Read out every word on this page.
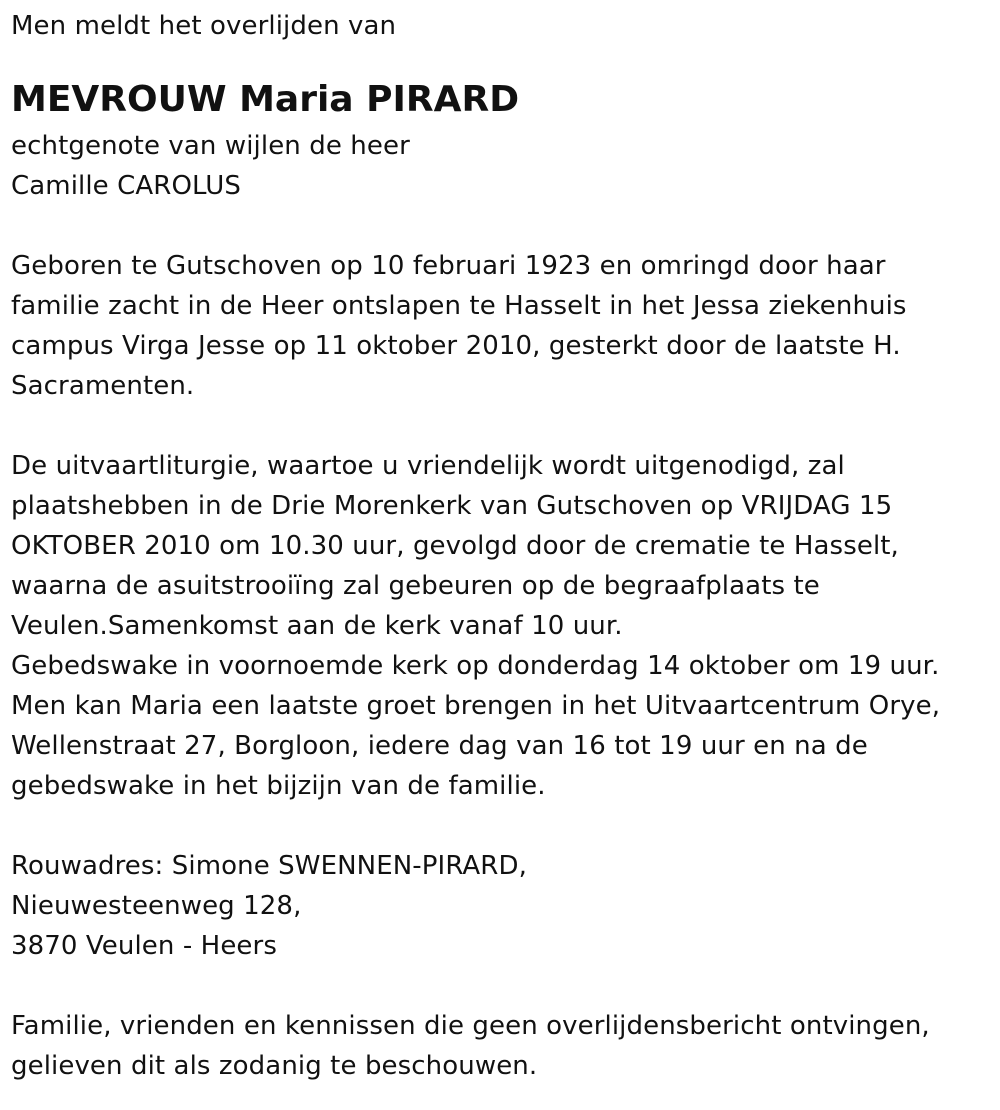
Men meldt het overlijden van
MEVROUW Maria PIRARD
echtgenote van wijlen de heer
Camille CAROLUS
Geboren te Gutschoven op 10 februari 1923 en omringd door haar
familie zacht in de Heer ontslapen te Hasselt in het Jessa ziekenhuis
campus Virga Jesse op 11 oktober 2010, gesterkt door de laatste H.
Sacramenten.
De uitvaartliturgie, waartoe u vriendelijk wordt uitgenodigd, zal
plaatshebben in de Drie Morenkerk van Gutschoven op VRIJDAG 15
OKTOBER 2010 om 10.30 uur, gevolgd door de crematie te Hasselt,
waarna de asuitstrooiïng zal gebeuren op de begraafplaats te
Veulen.Samenkomst aan de kerk vanaf 10 uur.
Gebedswake in voornoemde kerk op donderdag 14 oktober om 19 uur.
Men kan Maria een laatste groet brengen in het Uitvaartcentrum Orye,
Wellenstraat 27, Borgloon, iedere dag van 16 tot 19 uur en na de
gebedswake in het bijzijn van de familie.
Rouwadres: Simone SWENNEN-PIRARD,
Nieuwesteenweg 128,
3870 Veulen - Heers
Familie, vrienden en kennissen die geen overlijdensbericht ontvingen,
gelieven dit als zodanig te beschouwen.
